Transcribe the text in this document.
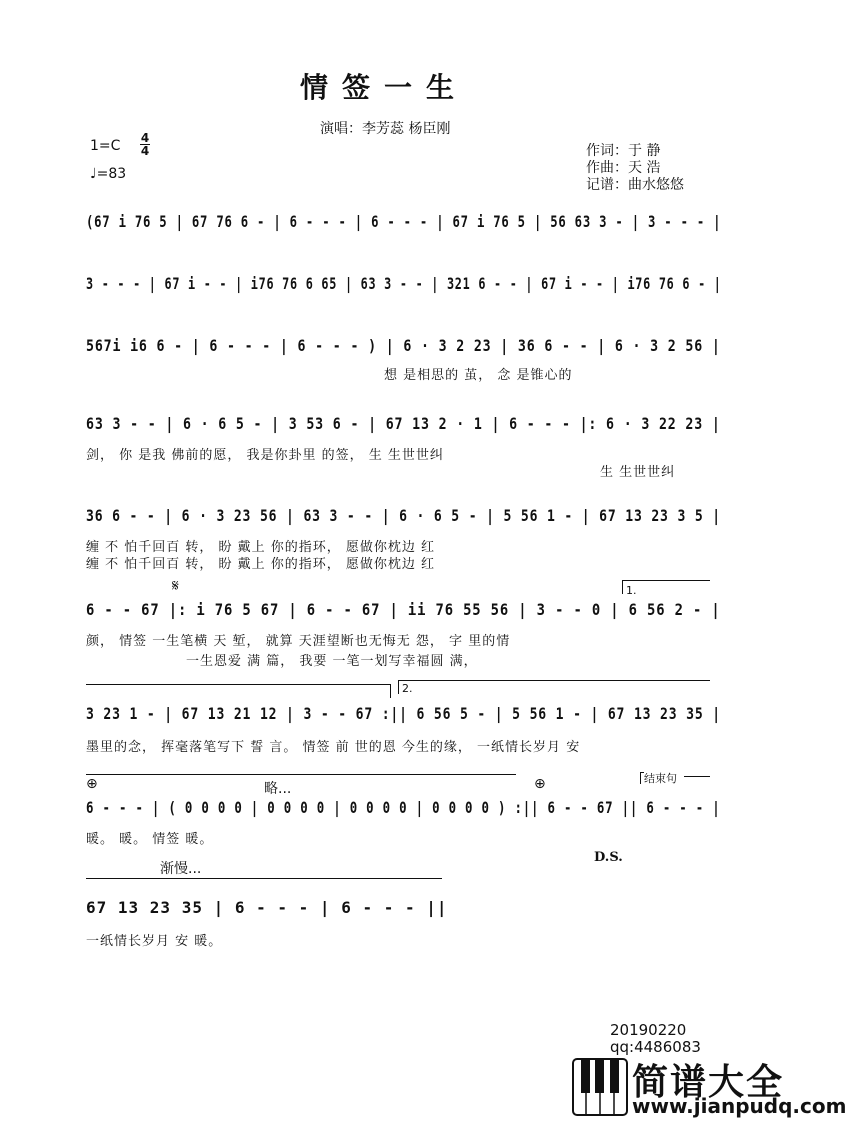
情签一生
演唱：李芳蕊 杨臣刚
1=C 4
4
♩=83
作词：于 静
作曲：天 浩
记谱：曲水悠悠
(67 i 76 5 | 67 76 6 - | 6 - - - | 6 - - - | 67 i 76 5 | 56 63 3 - | 3 - - - |
3 - - - | 67 i - - | i76 76 6 65 | 63 3 - - | 321 6 - - | 67 i - - | i76 76 6 - |
567i i6 6 - | 6 - - - | 6 - - - ) | 6 · 3 2 23 | 36 6 - - | 6 · 3 2 56 |
想 是相思的 茧， 念 是锥心的
63 3 - - | 6 · 6 5 - | 3 53 6 - | 67 13 2 · 1 | 6 - - - |: 6 · 3 22 23 |
剑， 你 是我 佛前的愿， 我是你卦里 的签， 生 生世世纠
生 生世世纠
36 6 - - | 6 · 3 23 56 | 63 3 - - | 6 · 6 5 - | 5 56 1 - | 67 13 23 3 5 |
缠 不 怕千回百 转， 盼 戴上 你的指环， 愿做你枕边 红
缠 不 怕千回百 转， 盼 戴上 你的指环， 愿做你枕边 红
𝄋	1.
6 - - 67 |: i 76 5 67 | 6 - - 67 | ii 76 55 56 | 3 - - 0 | 6 56 2 - |
颜， 情签 一生笔横 天 堑， 就算 天涯望断也无悔无 怨， 字 里的情
一生恩爱 满 篇， 我要 一笔一划写幸福圆 满，
2.
3 23 1 - | 67 13 21 12 | 3 - - 67 :|| 6 56 5 - | 5 56 1 - | 67 13 23 35 |
墨里的念， 挥毫落笔写下 誓 言。 情签 前 世的恩 今生的缘， 一纸情长岁月 安
⊕	略...	⊕	结束句
6 - - - | ( 0 0 0 0 | 0 0 0 0 | 0 0 0 0 | 0 0 0 0 ) :|| 6 - - 67 || 6 - - - |
暖。 暖。 情签 暖。
D.S.
渐慢...
67 13 23 35 | 6 - - - | 6 - - - ||
一纸情长岁月 安 暖。
20190220
qq:4486083
简谱大全
www.jianpudq.com
